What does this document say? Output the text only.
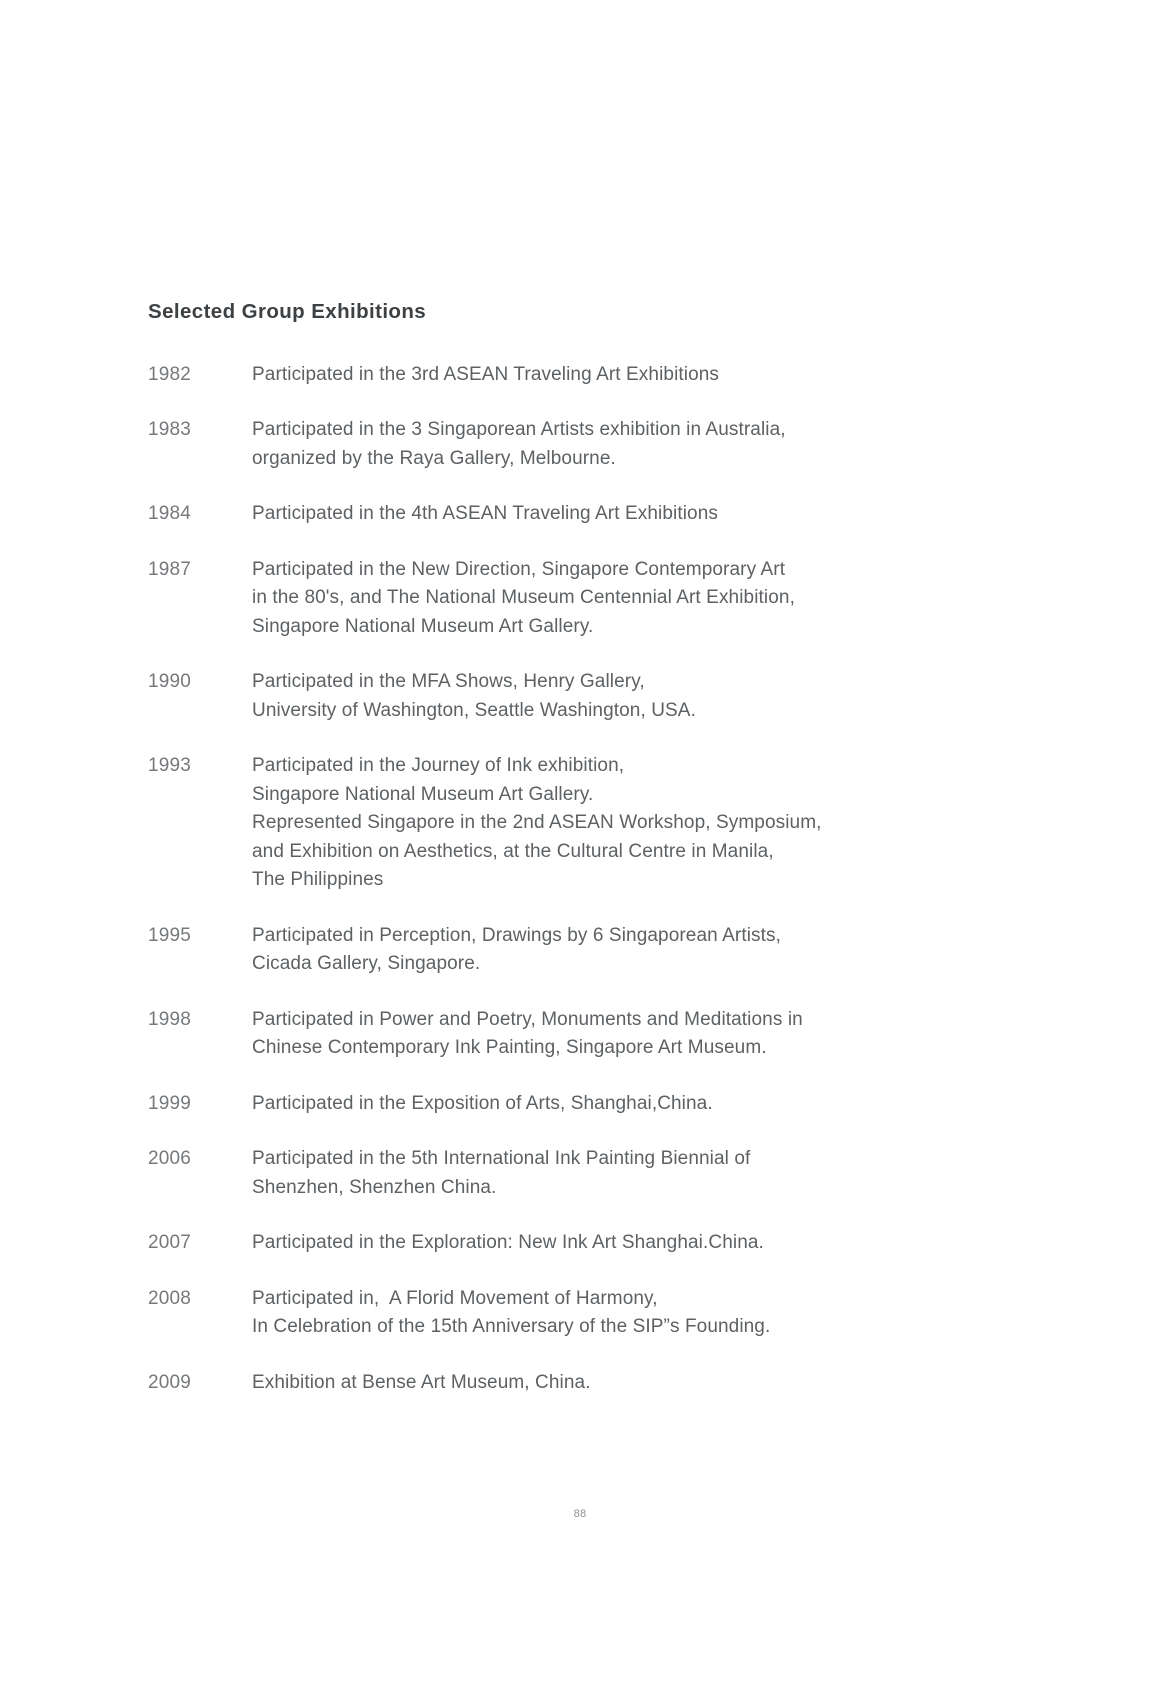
Selected Group Exhibitions
1982	Participated in the 3rd ASEAN Traveling Art Exhibitions
1983	Participated in the 3 Singaporean Artists exhibition in Australia,
organized by the Raya Gallery, Melbourne.
1984	Participated in the 4th ASEAN Traveling Art Exhibitions
1987	Participated in the New Direction, Singapore Contemporary Art
in the 80's, and The National Museum Centennial Art Exhibition,
Singapore National Museum Art Gallery.
1990	Participated in the MFA Shows, Henry Gallery,
University of Washington, Seattle Washington, USA.
1993	Participated in the Journey of Ink exhibition,
Singapore National Museum Art Gallery.
Represented Singapore in the 2nd ASEAN Workshop, Symposium,
and Exhibition on Aesthetics, at the Cultural Centre in Manila,
The Philippines
1995	Participated in Perception, Drawings by 6 Singaporean Artists,
Cicada Gallery, Singapore.
1998	Participated in Power and Poetry, Monuments and Meditations in
Chinese Contemporary Ink Painting, Singapore Art Museum.
1999	Participated in the Exposition of Arts, Shanghai,China.
2006	Participated in the 5th International Ink Painting Biennial of
Shenzhen, Shenzhen China.
2007	Participated in the Exploration: New Ink Art Shanghai.China.
2008	Participated in,  A Florid Movement of Harmony,
In Celebration of the 15th Anniversary of the SIP”s Founding.
2009	Exhibition at Bense Art Museum, China.
88
